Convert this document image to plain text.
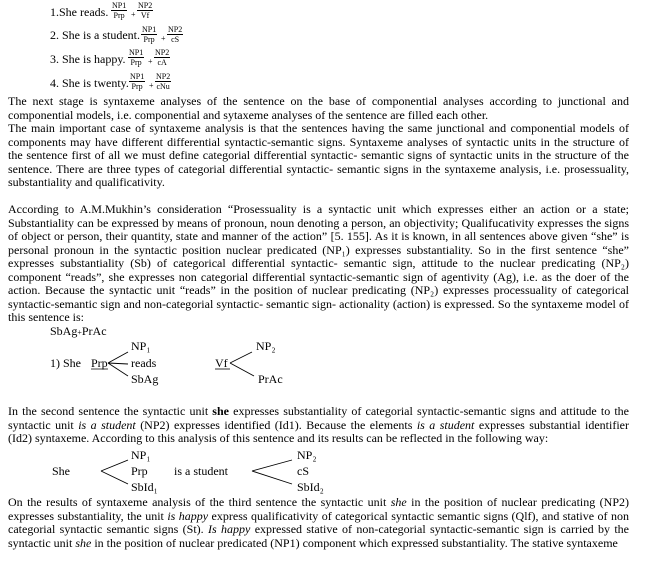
1.She reads. NP1
Prp + $\frac{NP2}{Vf}$
2. She is a student. NP1
Prp + $\frac{NP2}{cS}$
3. She is happy. NP1
Prp + $\frac{NP2}{cA}$
4. She is twenty. NP1
Prp +
NP2
cNu
The next stage is syntaxeme analyses of the sentence on the base of componential analyses according to junctional and componential models, i.e. componential and sytaxeme analyses of the sentence are filled each other.
The main important case of syntaxeme analysis is that the sentences having the same junctional and componential models of components may have different differential syntactic-semantic signs. Syntaxeme analyses of syntactic units in the structure of the sentence first of all we must define categorial differential syntactic- semantic signs of syntactic units in the structure of the sentence. There are three types of categorial differential syntactic- semantic signs in the syntaxeme analysis, i.e. prosessuality, substantiality and qualificativity.
According to A.M.Mukhin’s consideration “Prosessuality is a syntactic unit which expresses either an action or a state; Substantiality can be expressed by means of pronoun, noun denoting a person, an objectivity; Qualifucativity expresses the signs of object or person, their quantity, state and manner of the action” [5. 155]. As it is known, in all sentences above given “she” is personal pronoun in the syntactic position nuclear predicated (NP₁) expresses substantiality. So in the first sentence “she” expresses substantiality (Sb) of categorical differential syntactic- semantic sign, attitude to the nuclear predicating (NP₂) component “reads”, she expresses non categorial differential syntactic-semantic sign of agentivity (Ag), i.e. as the doer of the action. Because the syntactic unit “reads” in the position of nuclear predicating (NP₂) expresses processuality of categorical syntactic-semantic sign and non-categorial syntactic- semantic sign- actionality (action) is expressed. So the syntaxeme model of this sentence is:
SbAg+PrAc
1) She
NP₁
Prp reads
SbAg
NP₂
Vf
PrAc
In the second sentence the syntactic unit she expresses substantiality of categorial syntactic-semantic signs and attitude to the syntactic unit is a student (NP2) expresses identified (Id1). Because the elements is a student expresses substantial identifier (Id2) syntaxeme. According to this analysis of this sentence and its results can be reflected in the following way:
She
NP₁
Prp
SbId₁
is a student
NP₂
cS
SbId₂
On the results of syntaxeme analysis of the third sentence the syntactic unit she in the position of nuclear predicating (NP2) expresses substantiality, the unit is happy express qualificativity of categorical syntactic semantic signs (Qlf), and stative of non categorial syntactic semantic signs (St). Is happy expressed stative of non-categorial syntactic-semantic sign is carried by the syntactic unit she in the position of nuclear predicated (NP1) component which expressed substantiality. The stative syntaxeme
